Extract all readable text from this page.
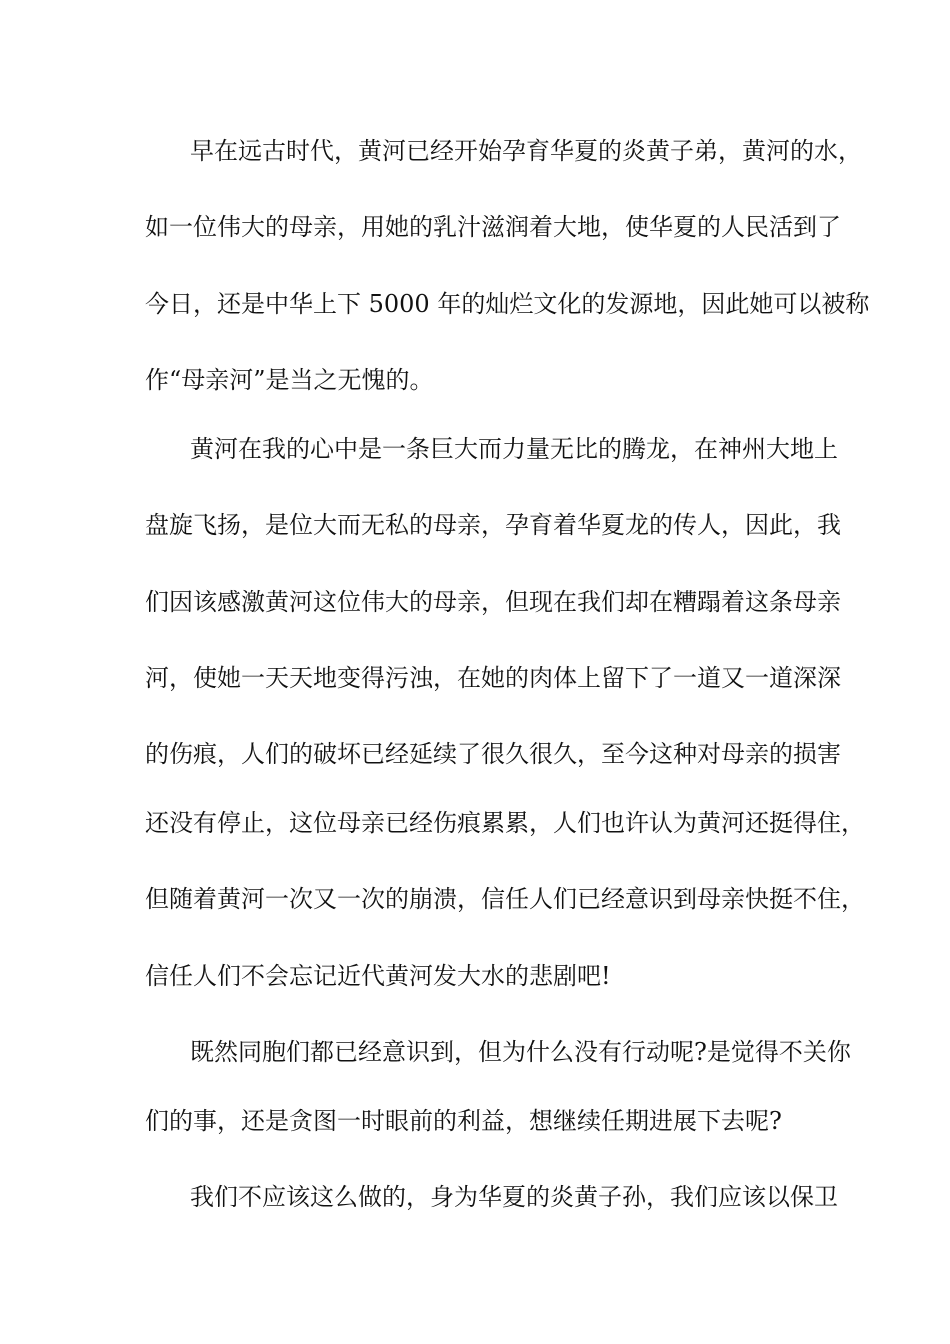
早在远古时代，黄河已经开始孕育华夏的炎黄子弟，黄河的水，
如一位伟大的母亲，用她的乳汁滋润着大地，使华夏的人民活到了
今日，还是中华上下 5000 年的灿烂文化的发源地，因此她可以被称
作“母亲河”是当之无愧的。
黄河在我的心中是一条巨大而力量无比的腾龙，在神州大地上
盘旋飞扬，是位大而无私的母亲，孕育着华夏龙的传人，因此，我
们因该感激黄河这位伟大的母亲，但现在我们却在糟蹋着这条母亲
河，使她一天天地变得污浊，在她的肉体上留下了一道又一道深深
的伤痕，人们的破坏已经延续了很久很久，至今这种对母亲的损害
还没有停止，这位母亲已经伤痕累累，人们也许认为黄河还挺得住，
但随着黄河一次又一次的崩溃，信任人们已经意识到母亲快挺不住，
信任人们不会忘记近代黄河发大水的悲剧吧!
既然同胞们都已经意识到，但为什么没有行动呢?是觉得不关你
们的事，还是贪图一时眼前的利益，想继续任期进展下去呢?
我们不应该这么做的，身为华夏的炎黄子孙，我们应该以保卫
